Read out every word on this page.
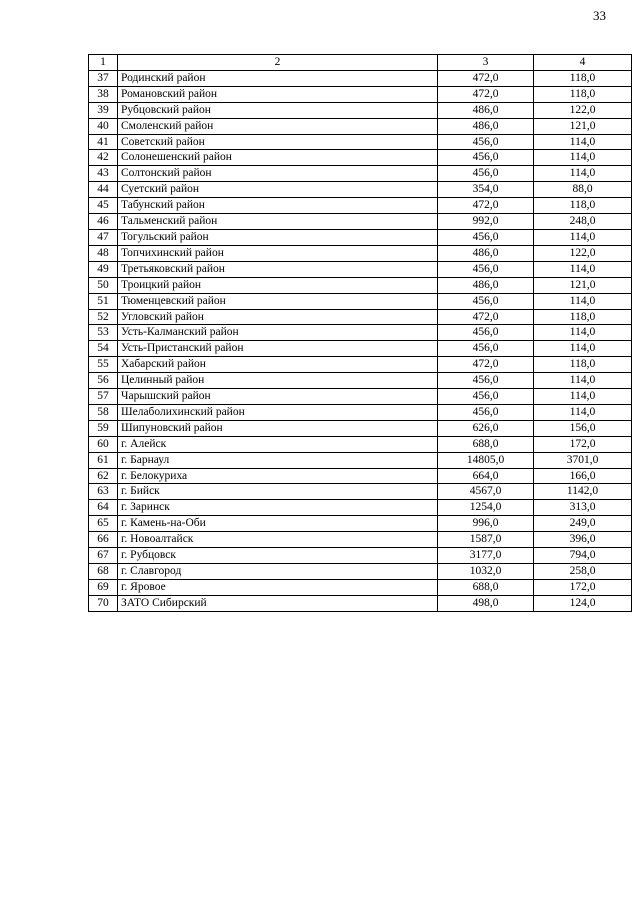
33
1	2	3	4
37	Родинский район	472,0	118,0
38	Романовский район	472,0	118,0
39	Рубцовский район	486,0	122,0
40	Смоленский район	486,0	121,0
41	Советский район	456,0	114,0
42	Солонешенский район	456,0	114,0
43	Солтонский район	456,0	114,0
44	Суетский район	354,0	88,0
45	Табунский район	472,0	118,0
46	Тальменский район	992,0	248,0
47	Тогульский район	456,0	114,0
48	Топчихинский район	486,0	122,0
49	Третьяковский район	456,0	114,0
50	Троицкий район	486,0	121,0
51	Тюменцевский район	456,0	114,0
52	Угловский район	472,0	118,0
53	Усть-Калманский район	456,0	114,0
54	Усть-Пристанский район	456,0	114,0
55	Хабарский район	472,0	118,0
56	Целинный район	456,0	114,0
57	Чарышский район	456,0	114,0
58	Шелаболихинский район	456,0	114,0
59	Шипуновский район	626,0	156,0
60	г. Алейск	688,0	172,0
61	г. Барнаул	14805,0	3701,0
62	г. Белокуриха	664,0	166,0
63	г. Бийск	4567,0	1142,0
64	г. Заринск	1254,0	313,0
65	г. Камень-на-Оби	996,0	249,0
66	г. Новоалтайск	1587,0	396,0
67	г. Рубцовск	3177,0	794,0
68	г. Славгород	1032,0	258,0
69	г. Яровое	688,0	172,0
70	ЗАТО Сибирский	498,0	124,0
